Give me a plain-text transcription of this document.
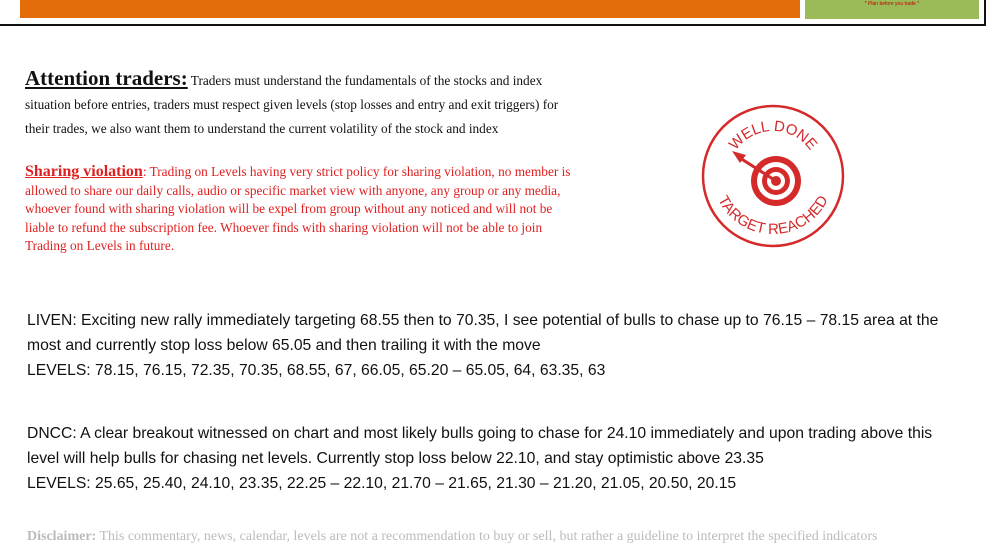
* Plan before you trade *
Attention traders: Traders must understand the fundamentals of the stocks and index situation before entries, traders must respect given levels (stop losses and entry and exit triggers) for their trades, we also want them to understand the current volatility of the stock and index
Sharing violation: Trading on Levels having very strict policy for sharing violation, no member is allowed to share our daily calls, audio or specific market view with anyone, any group or any media, whoever found with sharing violation will be expel from group without any noticed and will not be liable to refund the subscription fee. Whoever finds with sharing violation will not be able to join Trading on Levels in future.
WELL DONE
TARGET REACHED
LIVEN: Exciting new rally immediately targeting 68.55 then to 70.35, I see potential of bulls to chase up to 76.15 – 78.15 area at the most and currently stop loss below 65.05 and then trailing it with the move
LEVELS: 78.15, 76.15, 72.35, 70.35, 68.55, 67, 66.05, 65.20 – 65.05, 64, 63.35, 63
DNCC: A clear breakout witnessed on chart and most likely bulls going to chase for 24.10 immediately and upon trading above this level will help bulls for chasing net levels. Currently stop loss below 22.10, and stay optimistic above 23.35
LEVELS: 25.65, 25.40, 24.10, 23.35, 22.25 – 22.10, 21.70 – 21.65, 21.30 – 21.20, 21.05, 20.50, 20.15
Disclaimer: This commentary, news, calendar, levels are not a recommendation to buy or sell, but rather a guideline to interpret the specified indicators
